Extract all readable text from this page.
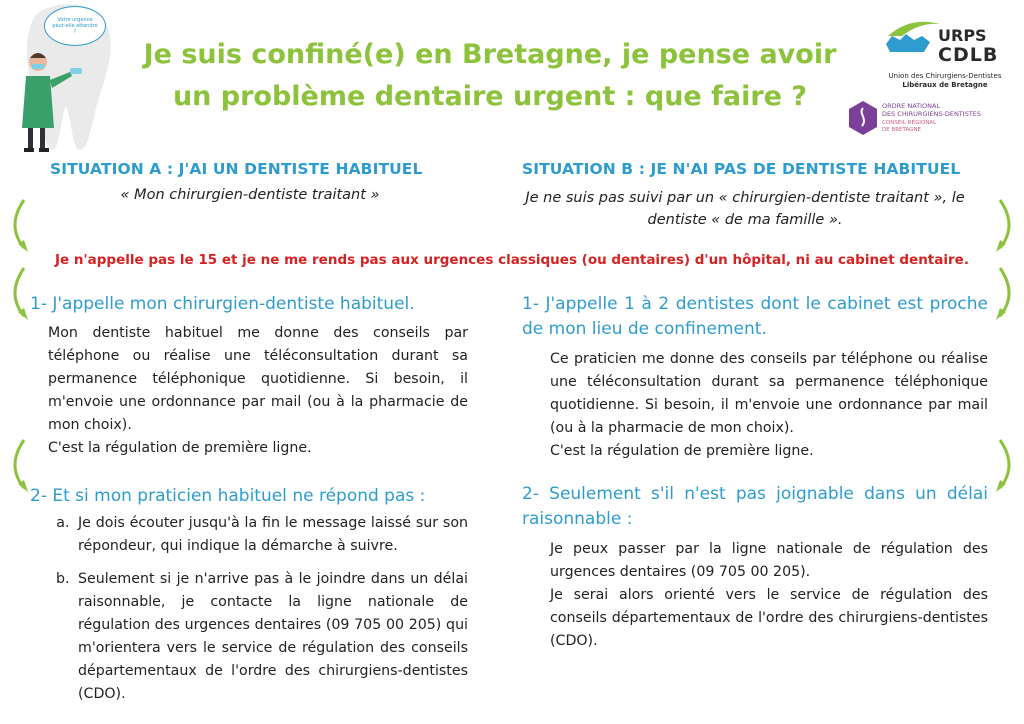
Votre urgence peut-elle attendre ?
Je suis confiné(e) en Bretagne, je pense avoir
un problème dentaire urgent : que faire ?
URPS
CDLB
Union des Chirurgiens-Dentistes
Libéraux de Bretagne
ORDRE NATIONAL
DES CHIRURGIENS-DENTISTES
CONSEIL RÉGIONAL
DE BRETAGNE
SITUATION A : J'AI UN DENTISTE HABITUEL
« Mon chirurgien-dentiste traitant »
SITUATION B : JE N'AI PAS DE DENTISTE HABITUEL
Je ne suis pas suivi par un « chirurgien-dentiste traitant », le
dentiste « de ma famille ».
Je n'appelle pas le 15 et je ne me rends pas aux urgences classiques (ou dentaires) d'un hôpital, ni au cabinet dentaire.
1- J'appelle mon chirurgien-dentiste habituel.

Mon dentiste habituel me donne des conseils par téléphone ou réalise une téléconsultation durant sa permanence téléphonique quotidienne. Si besoin, il m'envoie une ordonnance par mail (ou à la pharmacie de mon choix).

C'est la régulation de première ligne.

2- Et si mon praticien habituel ne répond pas :
a. Je dois écouter jusqu'à la fin le message laissé sur son répondeur, qui indique la démarche à suivre.
b. Seulement si je n'arrive pas à le joindre dans un délai raisonnable, je contacte la ligne nationale de régulation des urgences dentaires (09 705 00 205) qui m'orientera vers le service de régulation des conseils départementaux de l'ordre des chirurgiens-dentistes (CDO).
1- J'appelle 1 à 2 dentistes dont le cabinet est proche de mon lieu de confinement.

Ce praticien me donne des conseils par téléphone ou réalise une téléconsultation durant sa permanence téléphonique quotidienne. Si besoin, il m'envoie une ordonnance par mail (ou à la pharmacie de mon choix).

C'est la régulation de première ligne.

2- Seulement s'il n'est pas joignable dans un délai raisonnable :

Je peux passer par la ligne nationale de régulation des urgences dentaires (09 705 00 205).

Je serai alors orienté vers le service de régulation des conseils départementaux de l'ordre des chirurgiens-dentistes (CDO).
